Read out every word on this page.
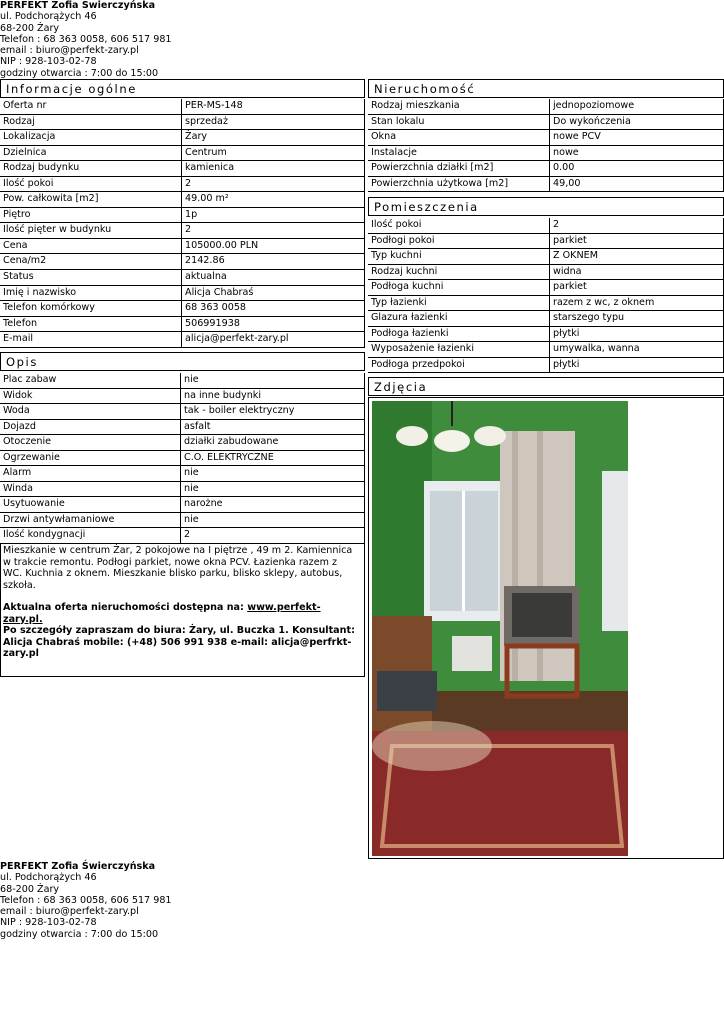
PERFEKT Zofia Świerczyńska
ul. Podchorążych 46
68-200 Żary
Telefon : 68 363 0058, 606 517 981
email : biuro@perfekt-zary.pl
NIP : 928-103-02-78
godziny otwarcia : 7:00 do 15:00
Informacje ogólne
Oferta nr	PER-MS-148
Rodzaj	sprzedaż
Lokalizacja	Żary
Dzielnica	Centrum
Rodzaj budynku	kamienica
Ilość pokoi	2
Pow. całkowita [m2]	49.00 m²
Piętro	1p
Ilość pięter w budynku	2
Cena	105000.00 PLN
Cena/m2	2142.86
Status	aktualna
Imię i nazwisko	Alicja Chabraś
Telefon komórkowy	68 363 0058
Telefon	506991938
E-mail	alicja@perfekt-zary.pl
Opis
Plac zabaw	nie
Widok	na inne budynki
Woda	tak - boiler elektryczny
Dojazd	asfalt
Otoczenie	działki zabudowane
Ogrzewanie	C.O. ELEKTRYCZNE
Alarm	nie
Winda	nie
Usytuowanie	narożne
Drzwi antywłamaniowe	nie
Ilość kondygnacji	2
Mieszkanie w centrum Żar, 2 pokojowe na I piętrze , 49 m 2. Kamiennica w trakcie remontu. Podłogi parkiet, nowe okna PCV. Łazienka razem z WC. Kuchnia z oknem. Mieszkanie blisko parku, blisko sklepy, autobus, szkoła.
Aktualna oferta nieruchomości dostępna na: www.perfekt-zary.pl.
Po szczegóły zapraszam do biura: Żary, ul. Buczka 1. Konsultant: Alicja Chabraś mobile: (+48) 506 991 938 e-mail: alicja@perfrkt-zary.pl
Nieruchomość
Rodzaj mieszkania	jednopoziomowe
Stan lokalu	Do wykończenia
Okna	nowe PCV
Instalacje	nowe
Powierzchnia działki [m2]	0.00
Powierzchnia użytkowa [m2]	49,00
Pomieszczenia
Ilość pokoi	2
Podłogi pokoi	parkiet
Typ kuchni	Z OKNEM
Rodzaj kuchni	widna
Podłoga kuchni	parkiet
Typ łazienki	razem z wc, z oknem
Glazura łazienki	starszego typu
Podłoga łazienki	płytki
Wyposażenie łazienki	umywalka, wanna
Podłoga przedpokoi	płytki
Zdjęcia
PERFEKT Zofia Świerczyńska
ul. Podchorążych 46
68-200 Żary
Telefon : 68 363 0058, 606 517 981
email : biuro@perfekt-zary.pl
NIP : 928-103-02-78
godziny otwarcia : 7:00 do 15:00
